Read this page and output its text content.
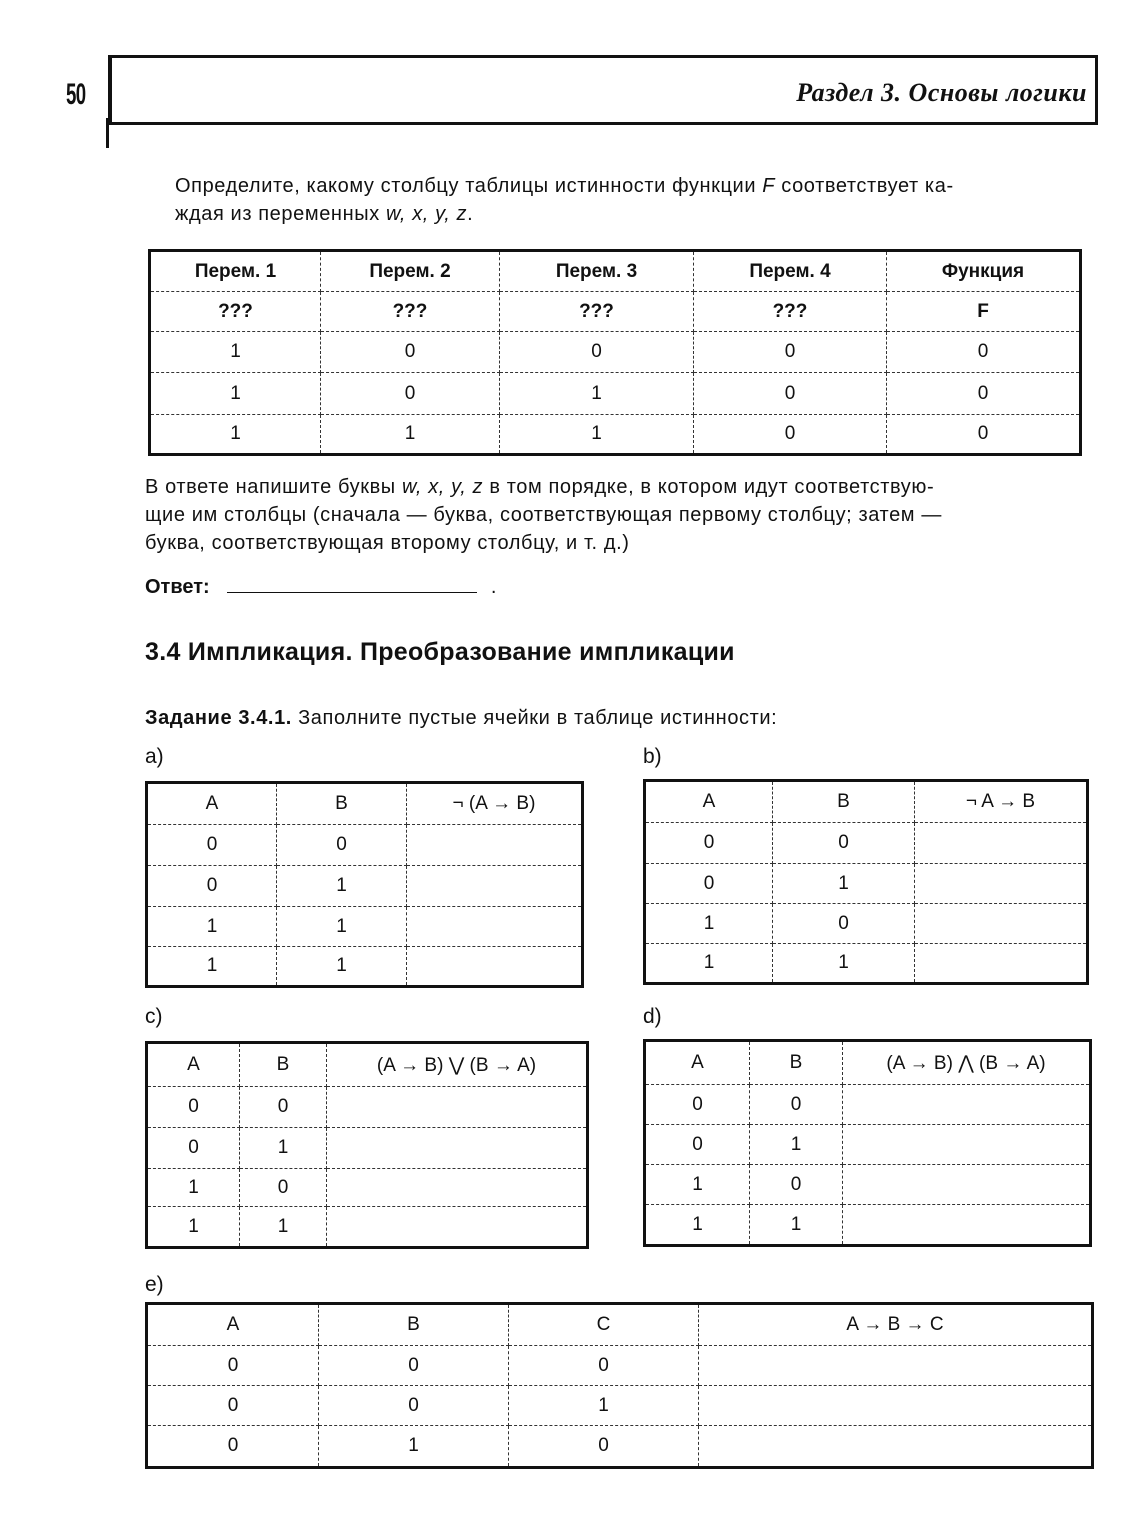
50	Раздел 3. Основы логики
Определите, какому столбцу таблицы истинности функции F соответствует ка-
ждая из переменных w, x, y, z.
Перем. 1	Перем. 2	Перем. 3	Перем. 4	Функция
???	???	???	???	F
1	0	0	0	0
1	0	1	0	0
1	1	1	0	0
В ответе напишите буквы w, x, y, z в том порядке, в котором идут соответствую-
щие им столбцы (сначала — буква, соответствующая первому столбцу; затем —
буква, соответствующая второму столбцу, и т. д.)
Ответ:	.
3.4 Импликация. Преобразование импликации
Задание 3.4.1. Заполните пустые ячейки в таблице истинности:
a)
A	B	¬ (A → B)
0	0	
0	1	
1	1	
1	1	
b)
A	B	¬ A → B
0	0	
0	1	
1	0	
1	1	
c)
A	B	(A → B) ⋁ (B → A)
0	0	
0	1	
1	0	
1	1	
d)
A	B	(A → B) ⋀ (B → A)
0	0	
0	1	
1	0	
1	1	
e)
A	B	C	A → B → C
0	0	0	
0	0	1	
0	1	0	
